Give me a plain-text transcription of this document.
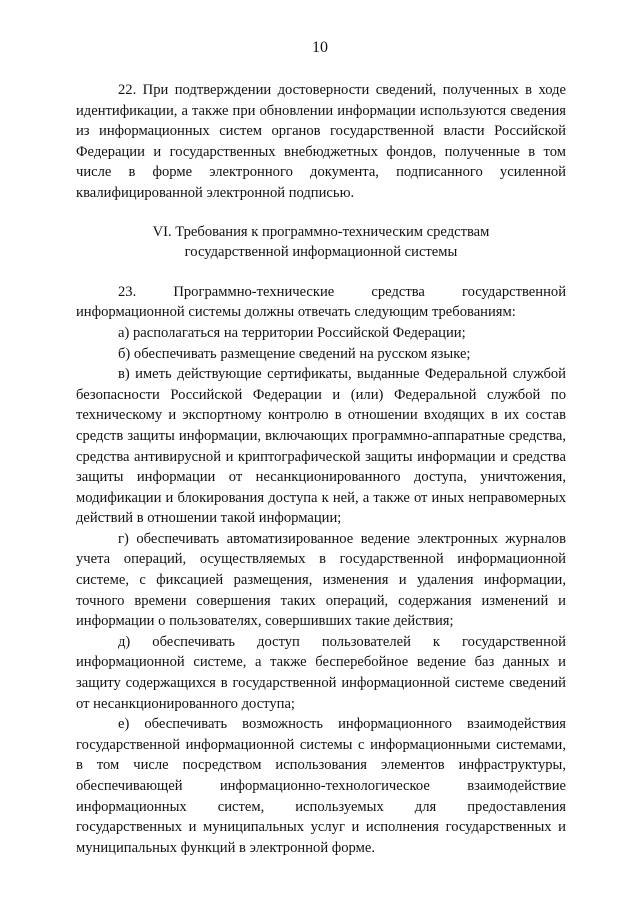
10

22. При подтверждении достоверности сведений, полученных в ходе идентификации, а также при обновлении информации используются сведения из информационных систем органов государственной власти Российской Федерации и государственных внебюджетных фондов, полученные в том числе в форме электронного документа, подписанного усиленной квалифицированной электронной подписью.

VI. Требования к программно-техническим средствам
государственной информационной системы

23. Программно-технические средства государственной информационной системы должны отвечать следующим требованиям:

а) располагаться на территории Российской Федерации;

б) обеспечивать размещение сведений на русском языке;

в) иметь действующие сертификаты, выданные Федеральной службой безопасности Российской Федерации и (или) Федеральной службой по техническому и экспортному контролю в отношении входящих в их состав средств защиты информации, включающих программно-аппаратные средства, средства антивирусной и криптографической защиты информации и средства защиты информации от несанкционированного доступа, уничтожения, модификации и блокирования доступа к ней, а также от иных неправомерных действий в отношении такой информации;

г) обеспечивать автоматизированное ведение электронных журналов учета операций, осуществляемых в государственной информационной системе, с фиксацией размещения, изменения и удаления информации, точного времени совершения таких операций, содержания изменений и информации о пользователях, совершивших такие действия;

д) обеспечивать доступ пользователей к государственной информационной системе, а также бесперебойное ведение баз данных и защиту содержащихся в государственной информационной системе сведений от несанкционированного доступа;

е) обеспечивать возможность информационного взаимодействия государственной информационной системы с информационными системами, в том числе посредством использования элементов инфраструктуры, обеспечивающей информационно-технологическое взаимодействие информационных систем, используемых для предоставления государственных и муниципальных услуг и исполнения государственных и муниципальных функций в электронной форме.
